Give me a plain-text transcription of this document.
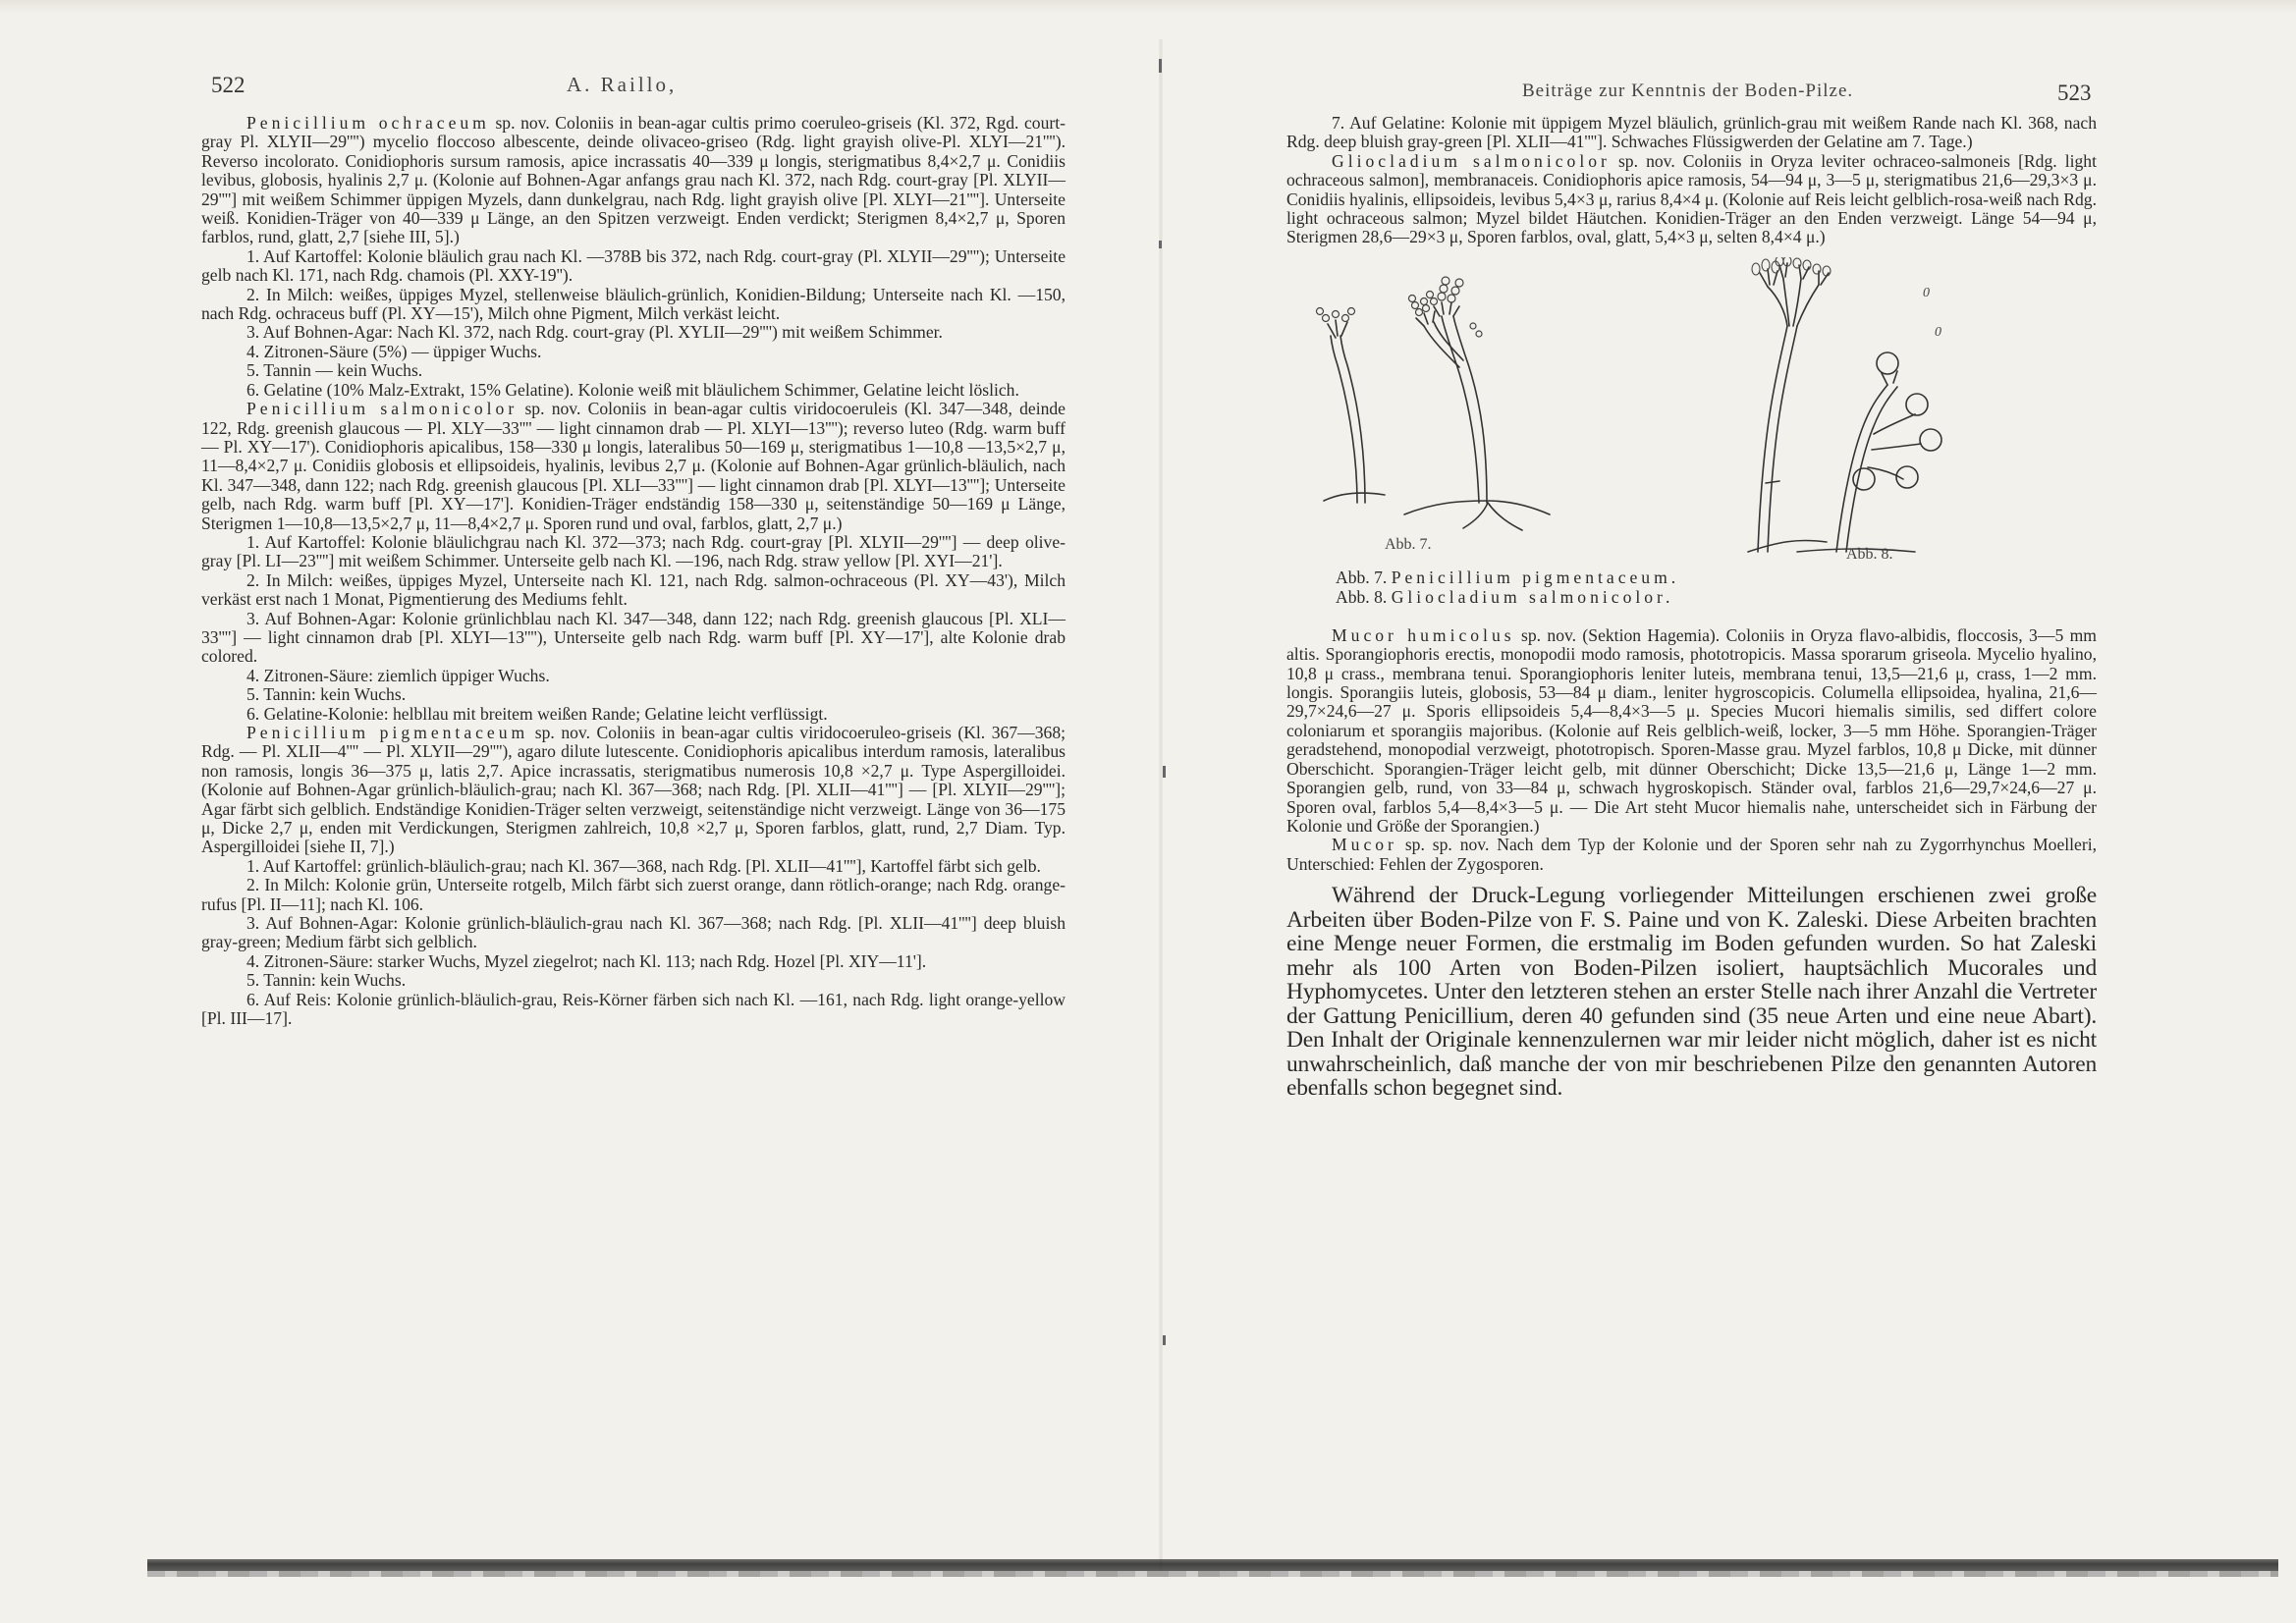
522	A. Raillo,

Penicillium ochraceum sp. nov. Coloniis in bean-agar cultis primo coeruleo-griseis (Kl. 372, Rgd. court-gray Pl. XLYII—29'''') mycelio floccoso albescente, deinde olivaceo-griseo (Rdg. light grayish olive-Pl. XLYI—21''''). Reverso incolorato. Conidiophoris sursum ramosis, apice incrassatis 40—339 μ longis, sterigmatibus 8,4×2,7 μ. Conidiis levibus, globosis, hyalinis 2,7 μ. (Kolonie auf Bohnen-Agar anfangs grau nach Kl. 372, nach Rdg. court-gray [Pl. XLYII—29''''] mit weißem Schimmer üppigen Myzels, dann dunkelgrau, nach Rdg. light grayish olive [Pl. XLYI—21'''']. Unterseite weiß. Konidien-Träger von 40—339 μ Länge, an den Spitzen verzweigt. Enden verdickt; Sterigmen 8,4×2,7 μ, Sporen farblos, rund, glatt, 2,7 [siehe III, 5].)

1. Auf Kartoffel: Kolonie bläulich grau nach Kl. —378B bis 372, nach Rdg. court-gray (Pl. XLYII—29''''); Unterseite gelb nach Kl. 171, nach Rdg. chamois (Pl. XXY-19'').

2. In Milch: weißes, üppiges Myzel, stellenweise bläulich-grünlich, Konidien-Bildung; Unterseite nach Kl. —150, nach Rdg. ochraceus buff (Pl. XY—15'), Milch ohne Pigment, Milch verkäst leicht.

3. Auf Bohnen-Agar: Nach Kl. 372, nach Rdg. court-gray (Pl. XYLII—29'''') mit weißem Schimmer.

4. Zitronen-Säure (5%) — üppiger Wuchs.

5. Tannin — kein Wuchs.

6. Gelatine (10% Malz-Extrakt, 15% Gelatine). Kolonie weiß mit bläulichem Schimmer, Gelatine leicht löslich.

Penicillium salmonicolor sp. nov. Coloniis in bean-agar cultis viridocoeruleis (Kl. 347—348, deinde 122, Rdg. greenish glaucous — Pl. XLY—33'''' — light cinnamon drab — Pl. XLYI—13''''); reverso luteo (Rdg. warm buff — Pl. XY—17'). Conidiophoris apicalibus, 158—330 μ longis, lateralibus 50—169 μ, sterigmatibus 1—10,8 —13,5×2,7 μ, 11—8,4×2,7 μ. Conidiis globosis et ellipsoideis, hyalinis, levibus 2,7 μ. (Kolonie auf Bohnen-Agar grünlich-bläulich, nach Kl. 347—348, dann 122; nach Rdg. greenish glaucous [Pl. XLI—33''''] — light cinnamon drab [Pl. XLYI—13'''']; Unterseite gelb, nach Rdg. warm buff [Pl. XY—17']. Konidien-Träger endständig 158—330 μ, seitenständige 50—169 μ Länge, Sterigmen 1—10,8—13,5×2,7 μ, 11—8,4×2,7 μ. Sporen rund und oval, farblos, glatt, 2,7 μ.)

1. Auf Kartoffel: Kolonie bläulichgrau nach Kl. 372—373; nach Rdg. court-gray [Pl. XLYII—29''''] — deep olive-gray [Pl. LI—23''''] mit weißem Schimmer. Unterseite gelb nach Kl. —196, nach Rdg. straw yellow [Pl. XYI—21'].

2. In Milch: weißes, üppiges Myzel, Unterseite nach Kl. 121, nach Rdg. salmon-ochraceous (Pl. XY—43'), Milch verkäst erst nach 1 Monat, Pigmentierung des Mediums fehlt.

3. Auf Bohnen-Agar: Kolonie grünlichblau nach Kl. 347—348, dann 122; nach Rdg. greenish glaucous [Pl. XLI—33''''] — light cinnamon drab [Pl. XLYI—13''''), Unterseite gelb nach Rdg. warm buff [Pl. XY—17'], alte Kolonie drab colored.

4. Zitronen-Säure: ziemlich üppiger Wuchs.

5. Tannin: kein Wuchs.

6. Gelatine-Kolonie: helbllau mit breitem weißen Rande; Gelatine leicht verflüssigt.

Penicillium pigmentaceum sp. nov. Coloniis in bean-agar cultis viridocoeruleo-griseis (Kl. 367—368; Rdg. — Pl. XLII—4'''' — Pl. XLYII—29''''), agaro dilute lutescente. Conidiophoris apicalibus interdum ramosis, lateralibus non ramosis, longis 36—375 μ, latis 2,7. Apice incrassatis, sterigmatibus numerosis 10,8 ×2,7 μ. Type Aspergilloidei. (Kolonie auf Bohnen-Agar grünlich-bläulich-grau; nach Kl. 367—368; nach Rdg. [Pl. XLII—41''''] — [Pl. XLYII—29'''']; Agar färbt sich gelblich. Endständige Konidien-Träger selten verzweigt, seitenständige nicht verzweigt. Länge von 36—175 μ, Dicke 2,7 μ, enden mit Verdickungen, Sterigmen zahlreich, 10,8 ×2,7 μ, Sporen farblos, glatt, rund, 2,7 Diam. Typ. Aspergilloidei [siehe II, 7].)

1. Auf Kartoffel: grünlich-bläulich-grau; nach Kl. 367—368, nach Rdg. [Pl. XLII—41''''], Kartoffel färbt sich gelb.

2. In Milch: Kolonie grün, Unterseite rotgelb, Milch färbt sich zuerst orange, dann rötlich-orange; nach Rdg. orange-rufus [Pl. II—11]; nach Kl. 106.

3. Auf Bohnen-Agar: Kolonie grünlich-bläulich-grau nach Kl. 367—368; nach Rdg. [Pl. XLII—41''''] deep bluish gray-green; Medium färbt sich gelblich.

4. Zitronen-Säure: starker Wuchs, Myzel ziegelrot; nach Kl. 113; nach Rdg. Hozel [Pl. XIY—11'].

5. Tannin: kein Wuchs.

6. Auf Reis: Kolonie grünlich-bläulich-grau, Reis-Körner färben sich nach Kl. —161, nach Rdg. light orange-yellow [Pl. III—17].

Beiträge zur Kenntnis der Boden-Pilze.	523

7. Auf Gelatine: Kolonie mit üppigem Myzel bläulich, grünlich-grau mit weißem Rande nach Kl. 368, nach Rdg. deep bluish gray-green [Pl. XLII—41'''']. Schwaches Flüssigwerden der Gelatine am 7. Tage.)

Gliocladium salmonicolor sp. nov. Coloniis in Oryza leviter ochraceo-salmoneis [Rdg. light ochraceous salmon], membranaceis. Conidiophoris apice ramosis, 54—94 μ, 3—5 μ, sterigmatibus 21,6—29,3×3 μ. Conidiis hyalinis, ellipsoideis, levibus 5,4×3 μ, rarius 8,4×4 μ. (Kolonie auf Reis leicht gelblich-rosa-weiß nach Rdg. light ochraceous salmon; Myzel bildet Häutchen. Konidien-Träger an den Enden verzweigt. Länge 54—94 μ, Sterigmen 28,6—29×3 μ, Sporen farblos, oval, glatt, 5,4×3 μ, selten 8,4×4 μ.)

0
0
Abb. 7.
Abb. 8.
Abb. 7. Penicillium pigmentaceum.
Abb. 8. Gliocladium salmonicolor.

Mucor humicolus sp. nov. (Sektion Hagemia). Coloniis in Oryza flavo-albidis, floccosis, 3—5 mm altis. Sporangiophoris erectis, monopodii modo ramosis, phototropicis. Massa sporarum griseola. Mycelio hyalino, 10,8 μ crass., membrana tenui. Sporangiophoris leniter luteis, membrana tenui, 13,5—21,6 μ, crass, 1—2 mm. longis. Sporangiis luteis, globosis, 53—84 μ diam., leniter hygroscopicis. Columella ellipsoidea, hyalina, 21,6—29,7×24,6—27 μ. Sporis ellipsoideis 5,4—8,4×3—5 μ. Species Mucori hiemalis similis, sed differt colore coloniarum et sporangiis majoribus. (Kolonie auf Reis gelblich-weiß, locker, 3—5 mm Höhe. Sporangien-Träger geradstehend, monopodial verzweigt, phototropisch. Sporen-Masse grau. Myzel farblos, 10,8 μ Dicke, mit dünner Oberschicht. Sporangien-Träger leicht gelb, mit dünner Oberschicht; Dicke 13,5—21,6 μ, Länge 1—2 mm. Sporangien gelb, rund, von 33—84 μ, schwach hygroskopisch. Ständer oval, farblos 21,6—29,7×24,6—27 μ. Sporen oval, farblos 5,4—8,4×3—5 μ. — Die Art steht Mucor hiemalis nahe, unterscheidet sich in Färbung der Kolonie und Größe der Sporangien.)

Mucor sp. sp. nov. Nach dem Typ der Kolonie und der Sporen sehr nah zu Zygorrhynchus Moelleri, Unterschied: Fehlen der Zygosporen.

Während der Druck-Legung vorliegender Mitteilungen erschienen zwei große Arbeiten über Boden-Pilze von F. S. Paine und von K. Zaleski. Diese Arbeiten brachten eine Menge neuer Formen, die erstmalig im Boden gefunden wurden. So hat Zaleski mehr als 100 Arten von Boden-Pilzen isoliert, hauptsächlich Mucorales und Hyphomycetes. Unter den letzteren stehen an erster Stelle nach ihrer Anzahl die Vertreter der Gattung Penicillium, deren 40 gefunden sind (35 neue Arten und eine neue Abart). Den Inhalt der Originale kennenzulernen war mir leider nicht möglich, daher ist es nicht unwahrscheinlich, daß manche der von mir beschriebenen Pilze den genannten Autoren ebenfalls schon begegnet sind.
